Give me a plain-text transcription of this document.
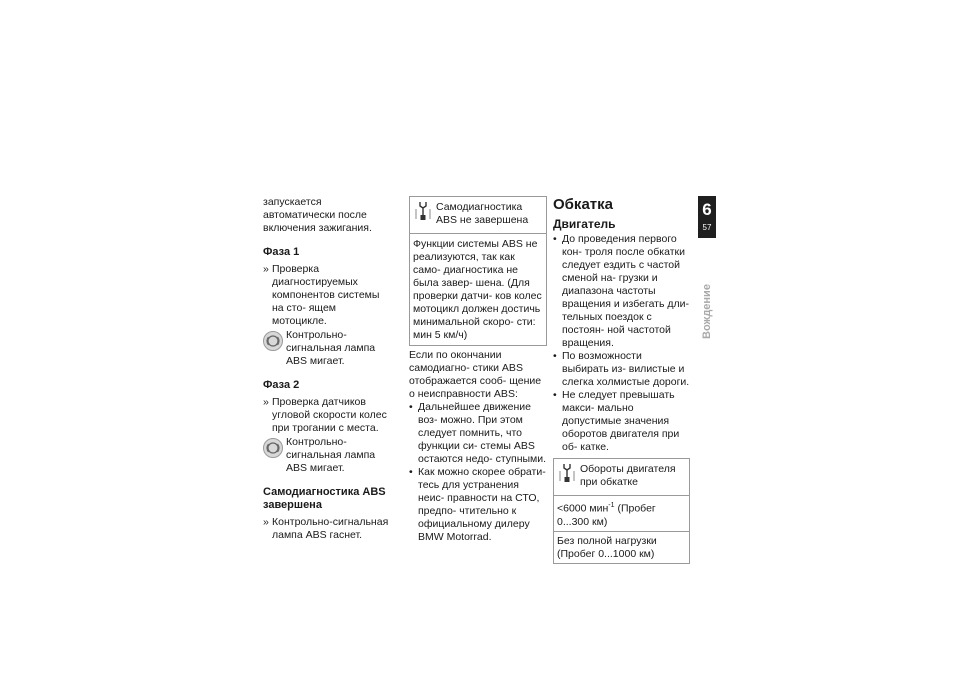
запускается автоматически после включения зажигания.

Фаза 1

» Проверка диагностируемых компонентов системы на сто- ящем мотоцикле.

Контрольно-сигнальная лампа ABS мигает.
Фаза 2

» Проверка датчиков угловой скорости колес при трогании с места.

Контрольно-сигнальная лампа ABS мигает.
Самодиагностика ABS завершена

» Контрольно-сигнальная лампа ABS гаснет.

Самодиагностика ABS не завершена
Функции системы ABS не реализуются, так как само- диагностика не была завер- шена. (Для проверки датчи- ков колес мотоцикл должен достичь минимальной скоро- сти: мин 5 км/ч)

Если по окончании самодиагно- стики ABS отображается сооб- щение о неисправности ABS:

• Дальнейшее движение воз- можно. При этом следует помнить, что функции си- стемы ABS остаются недо- ступными.
• Как можно скорее обрати- тесь для устранения неис- правности на СТО, предпо- чтительно к официальному дилеру BMW Motorrad.
Обкатка
Двигатель
• До проведения первого кон- троля после обкатки следует ездить с частой сменой на- грузки и диапазона частоты вращения и избегать дли- тельных поездок с постоян- ной частотой вращения.
• По возможности выбирать из- вилистые и слегка холмистые дороги.
• Не следует превышать макси- мально допустимые значения оборотов двигателя при об- катке.
Обороты двигателя при обкатке
<6000 мин$^{-1}$ (Пробег 0...300 км)
Без полной нагрузки (Пробег 0...1000 км)
6
57
Вождение
